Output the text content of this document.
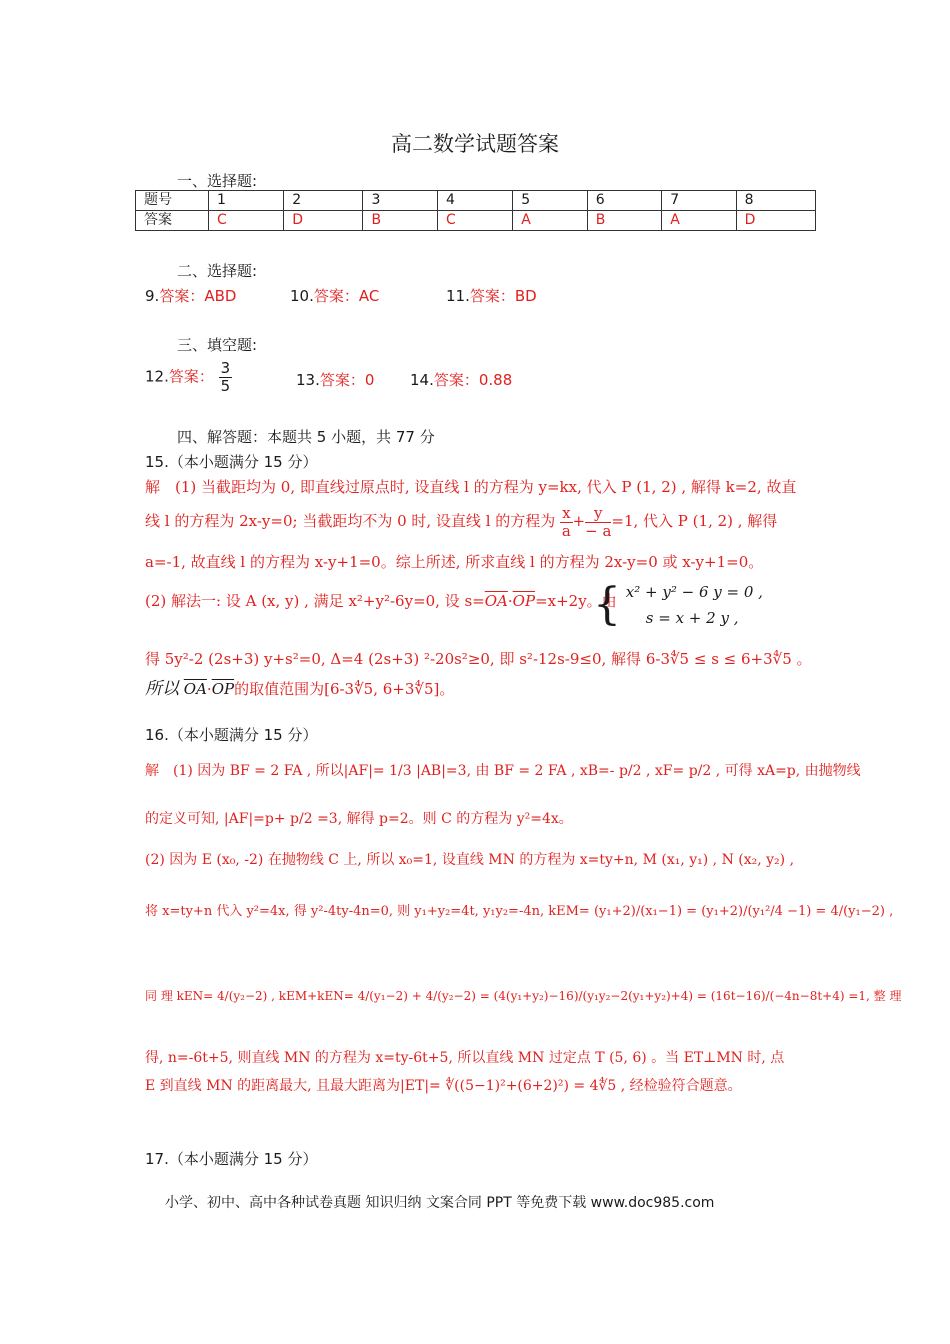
高二数学试题答案
一、选择题:
题号	1	2	3	4	5	6	7	8
答案	C	D	B	C	A	B	A	D
二、选择题:
9.答案：ABD	10.答案：AC	11.答案：BD
三、填空题:
12.答案： $\frac{3}{5}$	13.答案：0 14.答案：0.88
四、解答题：本题共 5 小题，共 77 分
15.（本小题满分 15 分）
解　(1) 当截距均为 0, 即直线过原点时, 设直线 l 的方程为 y=kx, 代入 P (1, 2) , 解得 k=2, 故直
线 l 的方程为 2x-y=0; 当截距均不为 0 时, 设直线 l 的方程为 $\frac{x}{a} + \frac{y}{- a} =1$, 代入 P (1, 2) , 解得
a=-1, 故直线 l 的方程为 x-y+1=0。综上所述, 所求直线 l 的方程为 2x-y=0 或 x-y+1=0。
(2) 解法一: 设 A (x, y) , 满足 x²+y²-6y=0, 设 $s=\overline{OA}\cdot\overline{OP}=x+2y$。由
{ x² + y² − 6 y = 0 ,
s = x + 2 y ,
得 5y²-2 (2s+3) y+s²=0, Δ=4 (2s+3) ²-20s²≥0, 即 s²-12s-9≤0, 解得 6-3∜5 ≤ s ≤ 6+3∜5 。
所以 $\overline{OA}\cdot\overline{OP}$的取值范围为[6-3∜5, 6+3∜5]。
16.（本小题满分 15 分）
解　(1) 因为 BF = 2 FA , 所以|AF|= 1/3 |AB|=3, 由 BF = 2 FA , xB=- p/2 , xF= p/2 , 可得 xA=p, 由抛物线
的定义可知, |AF|=p+ p/2 =3, 解得 p=2。则 C 的方程为 y²=4x。
(2) 因为 E (x₀, -2) 在抛物线 C 上, 所以 x₀=1, 设直线 MN 的方程为 x=ty+n, M (x₁, y₁) , N (x₂, y₂) ,
将 x=ty+n 代入 y²=4x, 得 y²-4ty-4n=0, 则 y₁+y₂=4t, y₁y₂=-4n, kEM= (y₁+2)/(x₁−1) = (y₁+2)/(y₁²/4 −1) = 4/(y₁−2) ,
同 理 kEN= 4/(y₂−2) , kEM+kEN= 4/(y₁−2) + 4/(y₂−2) = (4(y₁+y₂)−16)/(y₁y₂−2(y₁+y₂)+4) = (16t−16)/(−4n−8t+4) =1, 整 理
得, n=-6t+5, 则直线 MN 的方程为 x=ty-6t+5, 所以直线 MN 过定点 T (5, 6) 。当 ET⊥MN 时, 点
E 到直线 MN 的距离最大, 且最大距离为|ET|= ∜((5−1)²+(6+2)²) = 4∜5 , 经检验符合题意。
17.（本小题满分 15 分）
小学、初中、高中各种试卷真题 知识归纳 文案合同 PPT 等免费下载 www.doc985.com
